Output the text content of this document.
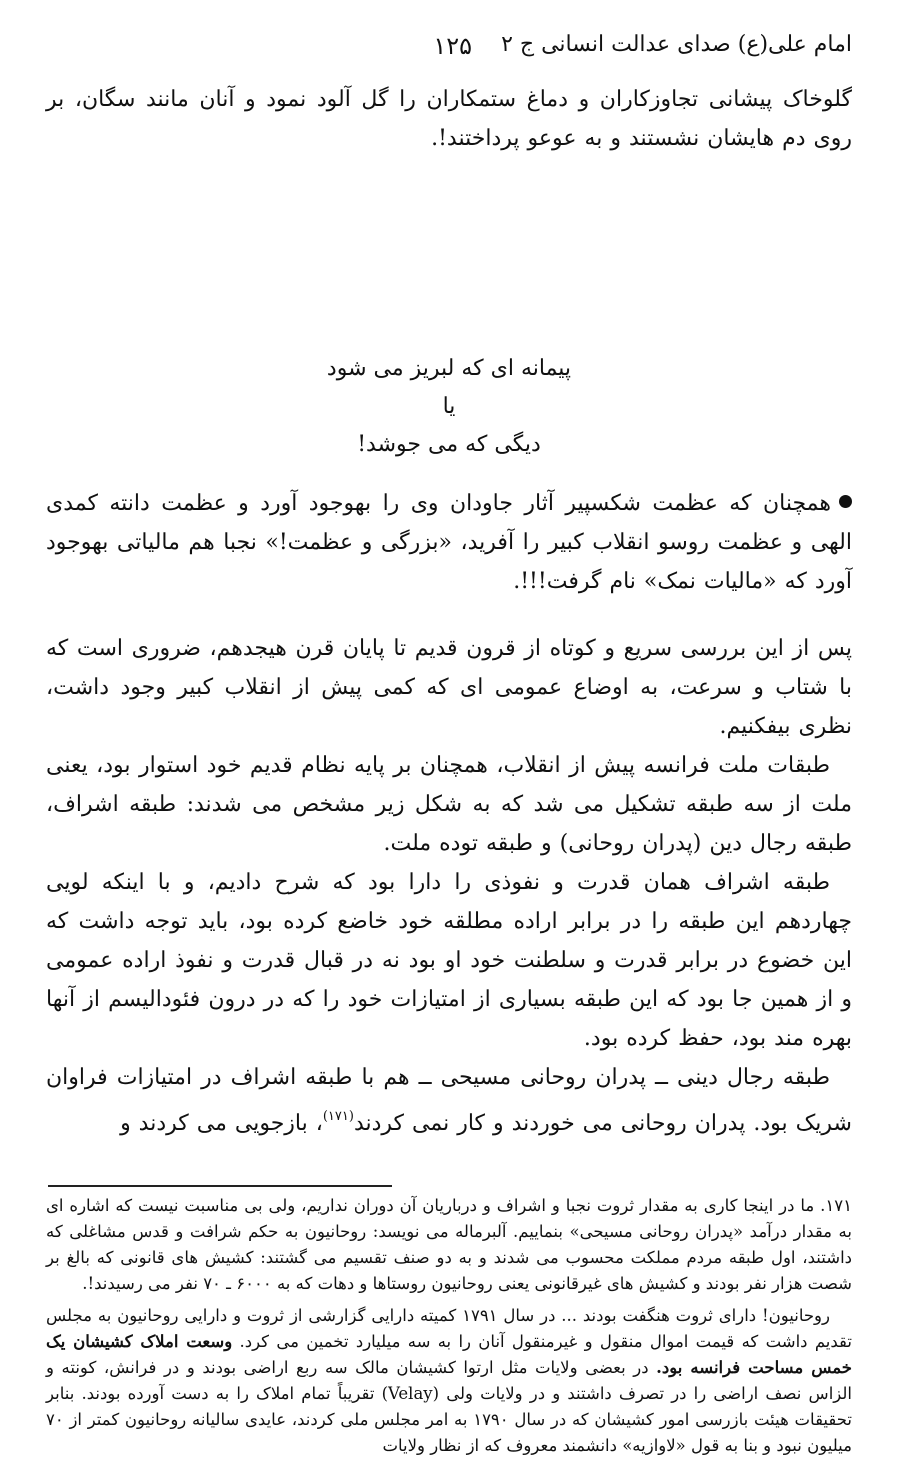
امام علی(ع) صدای عدالت انسانی ج ۲
۱۲۵

گلوخاک پیشانی تجاوزکاران و دماغ ستمکاران را گل آلود نمود و آنان مانند سگان، بر روی دم هایشان نشستند و به عوعو پرداختند!.

پیمانه ای که لبریز می شود
یا
دیگی که می جوشد!

همچنان که عظمت شکسپیر آثار جاودان وی را بهوجود آورد و عظمت دانته کمدی الهی و عظمت روسو انقلاب کبیر را آفرید، «بزرگی و عظمت!» نجبا هم مالیاتی بهوجود آورد که «مالیات نمک» نام گرفت!!!.

پس از این بررسی سریع و کوتاه از قرون قدیم تا پایان قرن هیجدهم، ضروری است که با شتاب و سرعت، به اوضاع عمومی ای که کمی پیش از انقلاب کبیر وجود داشت، نظری بیفکنیم.

طبقات ملت فرانسه پیش از انقلاب، همچنان بر پایه نظام قدیم خود استوار بود، یعنی ملت از سه طبقه تشکیل می شد که به شکل زیر مشخص می شدند: طبقه اشراف، طبقه رجال دین (پدران روحانی) و طبقه توده ملت.

طبقه اشراف همان قدرت و نفوذی را دارا بود که شرح دادیم، و با اینکه لویی چهاردهم این طبقه را در برابر اراده مطلقه خود خاضع کرده بود، باید توجه داشت که این خضوع در برابر قدرت و سلطنت خود او بود نه در قبال قدرت و نفوذ اراده عمومی و از همین جا بود که این طبقه بسیاری از امتیازات خود را که در درون فئودالیسم از آنها بهره مند بود، حفظ کرده بود.

طبقه رجال دینی ــ پدران روحانی مسیحی ــ هم با طبقه اشراف در امتیازات فراوان شریک بود. پدران روحانی می خوردند و کار نمی کردند$^{(۱۷۱)}$، بازجویی می کردند و

۱۷۱. ما در اینجا کاری به مقدار ثروت نجبا و اشراف و درباریان آن دوران نداریم، ولی بی مناسبت نیست که اشاره ای به مقدار درآمد «پدران روحانی مسیحی» بنماییم. آلبرماله می نویسد: روحانیون به حکم شرافت و قدس مشاغلی که داشتند، اول طبقه مردم مملکت محسوب می شدند و به دو صنف تقسیم می گشتند: کشیش های قانونی که بالغ بر شصت هزار نفر بودند و کشیش های غیرقانونی یعنی روحانیون روستاها و دهات که به ۶۰۰۰ ـ ۷۰ نفر می رسیدند!.

روحانیون! دارای ثروت هنگفت بودند ... در سال ۱۷۹۱ کمیته دارایی گزارشی از ثروت و دارایی روحانیون به مجلس تقدیم داشت که قیمت اموال منقول و غیرمنقول آنان را به سه میلیارد تخمین می کرد. وسعت املاک کشیشان یک خمس مساحت فرانسه بود. در بعضی ولایات مثل ارتوا کشیشان مالک سه ربع اراضی بودند و در فرانش، کونته و الزاس نصف اراضی را در تصرف داشتند و در ولایات ولی (Velay) تقریباً تمام املاک را به دست آورده بودند. بنابر تحقیقات هیئت بازرسی امور کشیشان که در سال ۱۷۹۰ به امر مجلس ملی کردند، عایدی سالیانه روحانیون کمتر از ۷۰ میلیون نبود و بنا به قول «لاوازیه» دانشمند معروف که از نظار ولایات
